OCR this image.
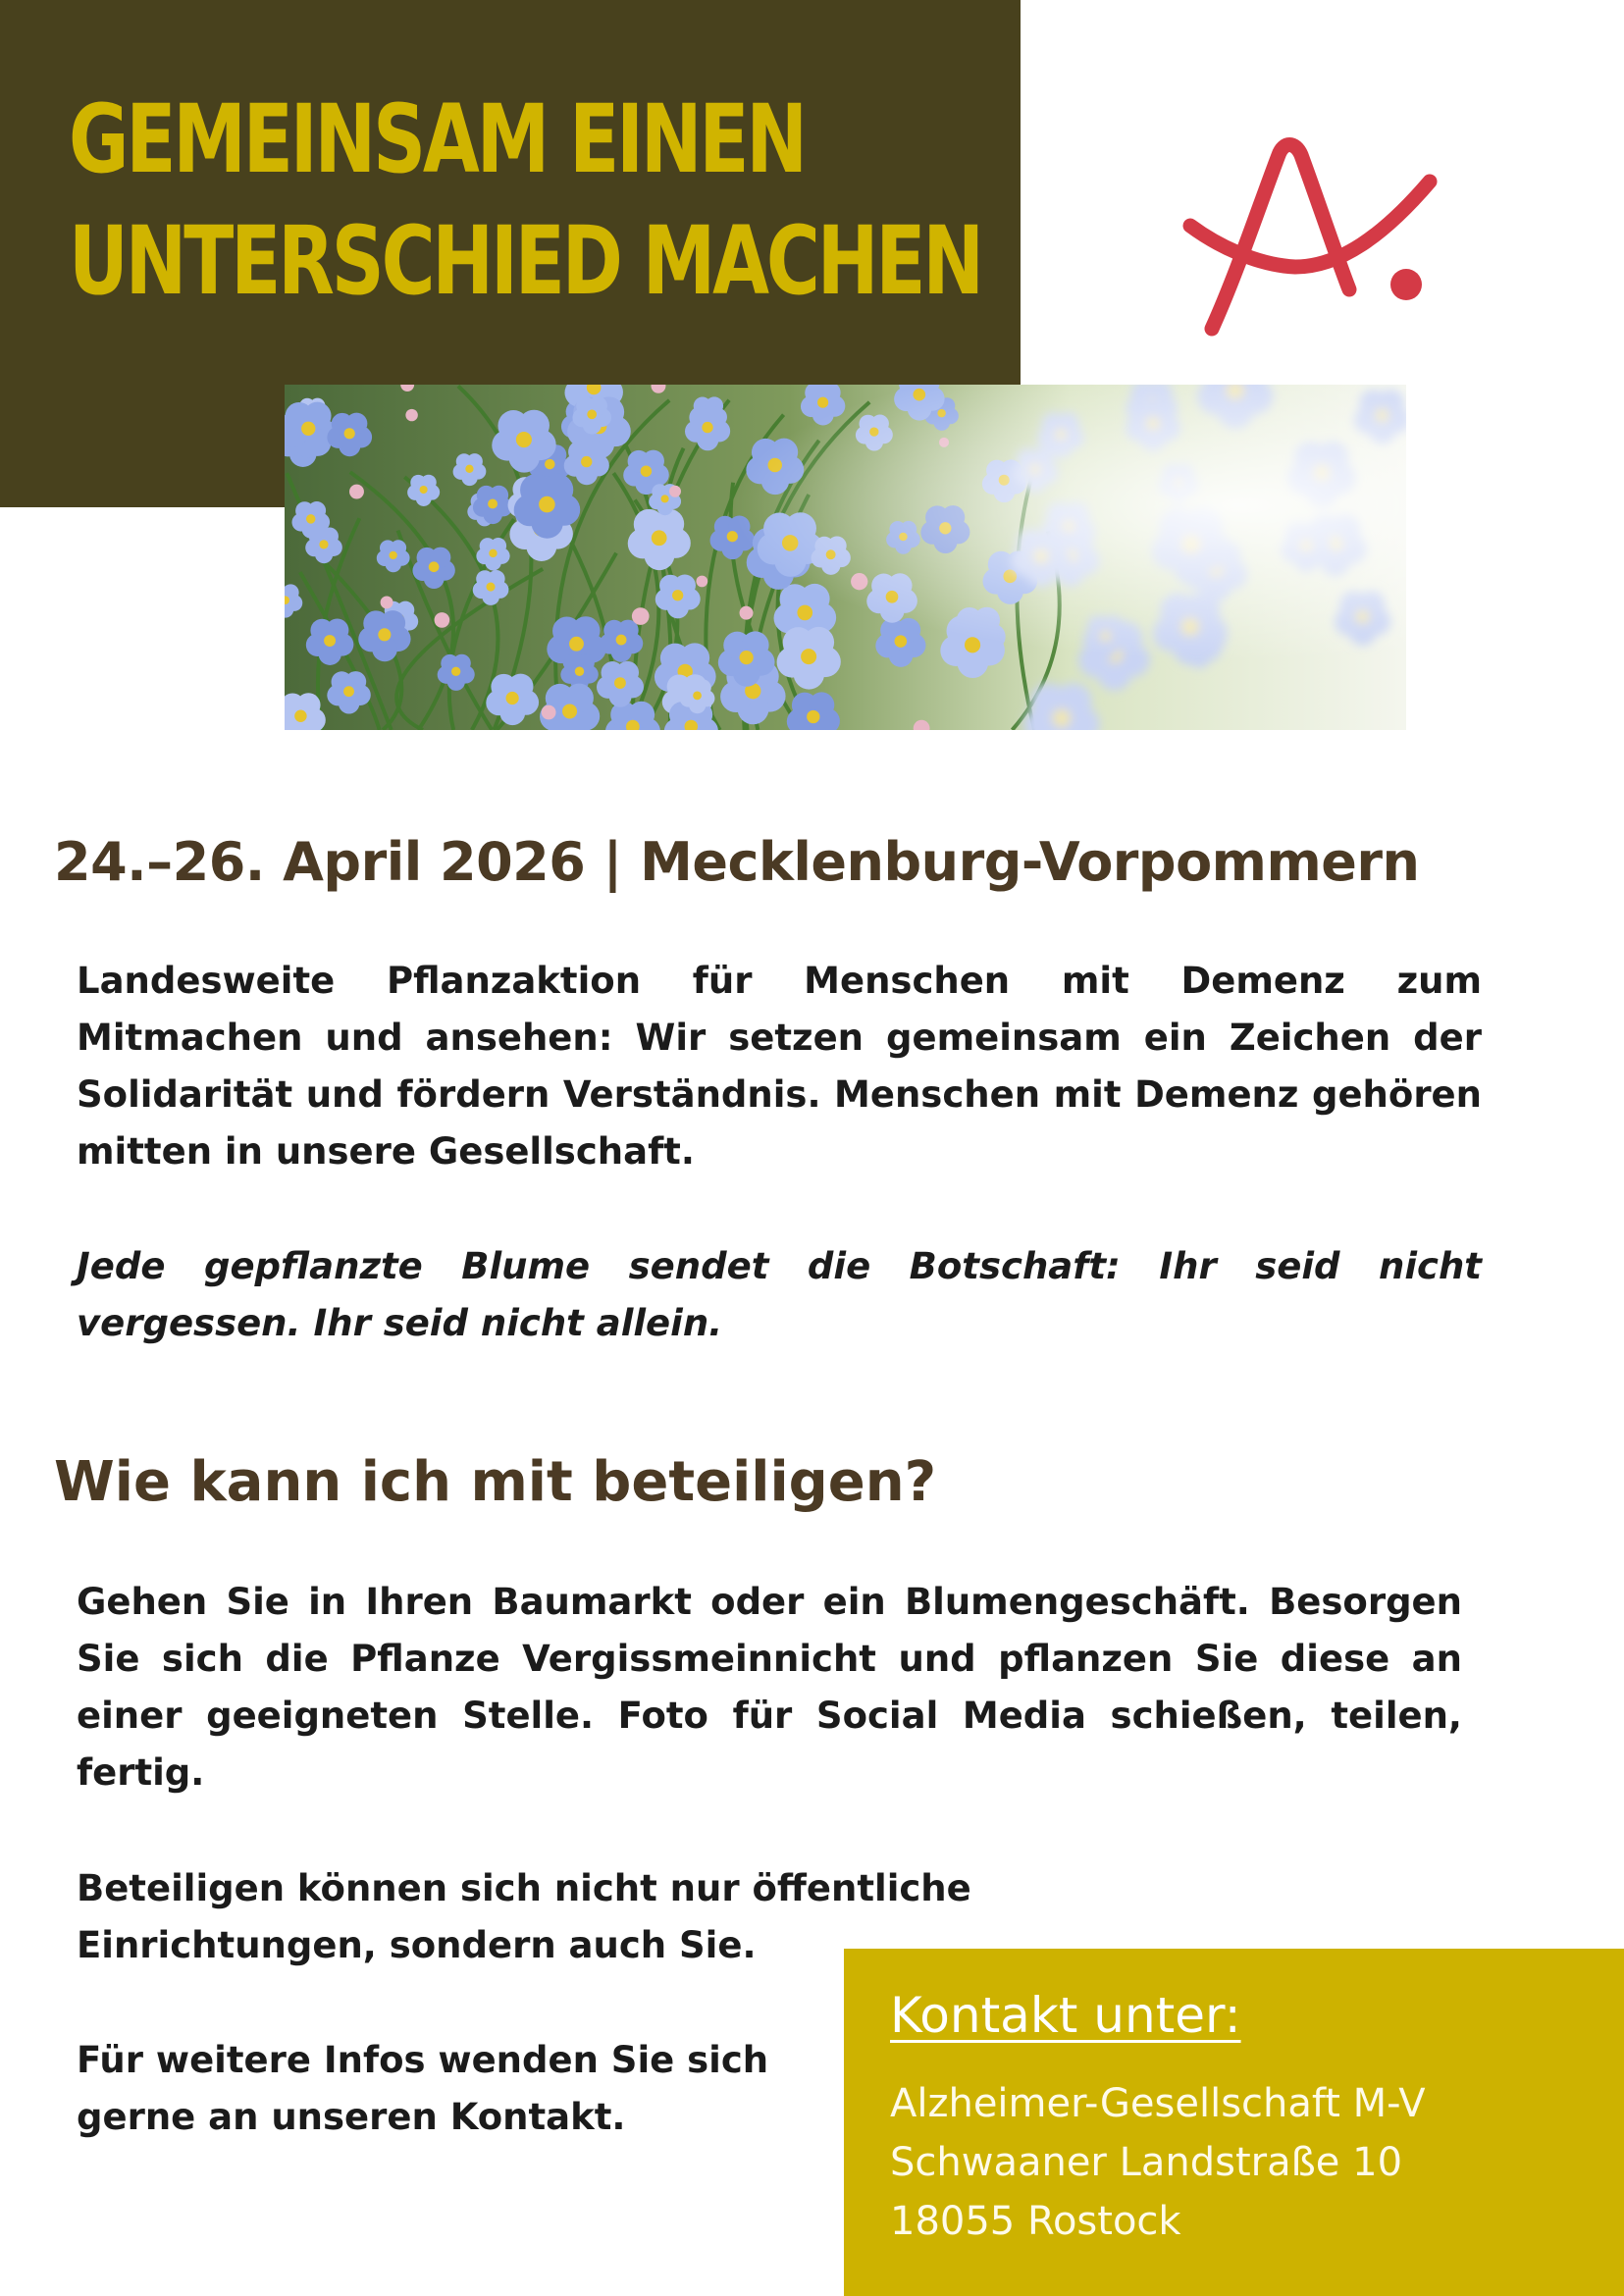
GEMEINSAM EINEN
UNTERSCHIED MACHEN
24.–26. April 2026 | Mecklenburg-Vorpommern

Landesweite Pflanzaktion für Menschen mit Demenz zum Mitmachen und ansehen: Wir setzen gemeinsam ein Zeichen der Solidarität und fördern Verständnis. Menschen mit Demenz gehören mitten in unsere Gesellschaft.

Jede gepflanzte Blume sendet die Botschaft: Ihr seid nicht vergessen. Ihr seid nicht allein.

Wie kann ich mit beteiligen?

Gehen Sie in Ihren Baumarkt oder ein Blumengeschäft. Besorgen Sie sich die Pflanze Vergissmeinnicht und pflanzen Sie diese an einer geeigneten Stelle. Foto für Social Media schießen, teilen, fertig.

Beteiligen können sich nicht nur öffentliche
Einrichtungen, sondern auch Sie.

Für weitere Infos wenden Sie sich
gerne an unseren Kontakt.

Kontakt unter:

Alzheimer-Gesellschaft M-V

Schwaaner Landstraße 10

18055 Rostock
